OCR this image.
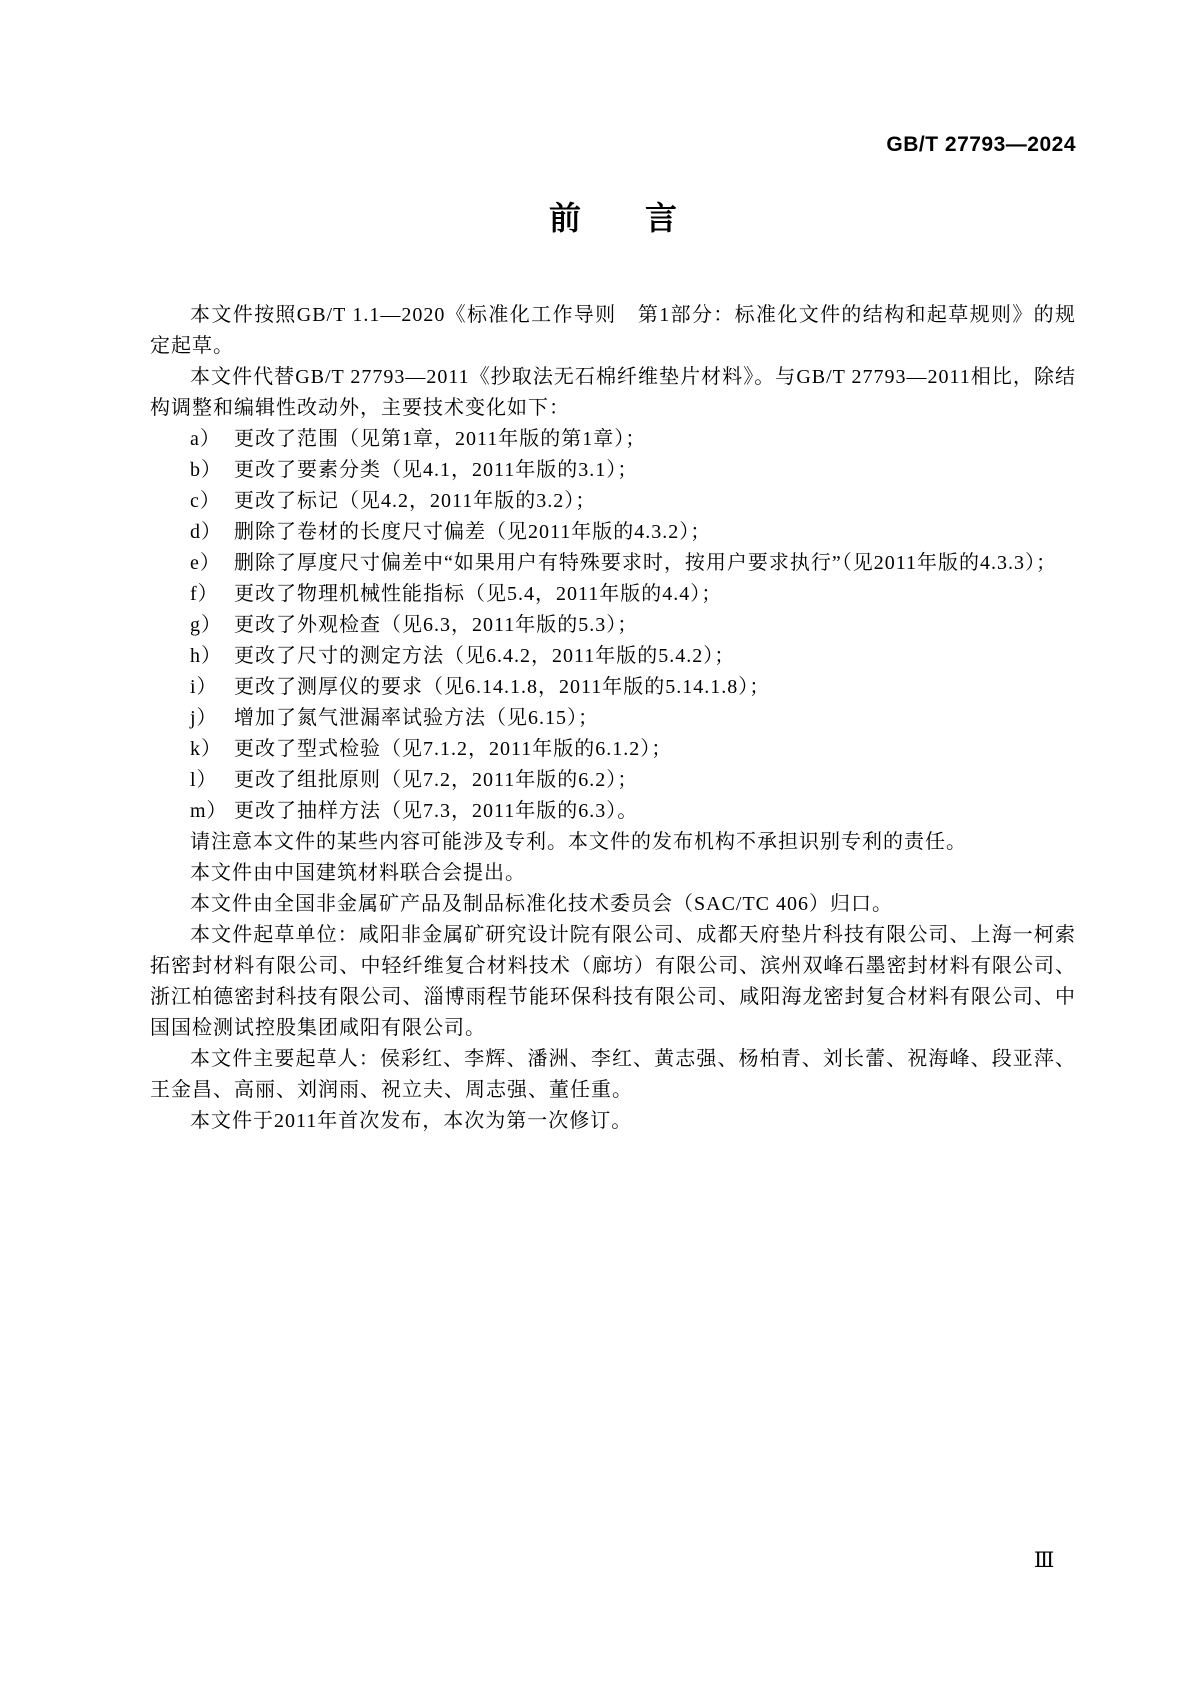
GB/T 27793—2024
前　　言

本文件按照GB/T 1.1—2020《标准化工作导则　第1部分：标准化文件的结构和起草规则》的规定起草。

本文件代替GB/T 27793—2011《抄取法无石棉纤维垫片材料》。与GB/T 27793—2011相比，除结构调整和编辑性改动外，主要技术变化如下：

a） 更改了范围（见第1章，2011年版的第1章）；
b） 更改了要素分类（见4.1，2011年版的3.1）；
c） 更改了标记（见4.2，2011年版的3.2）；
d） 删除了卷材的长度尺寸偏差（见2011年版的4.3.2）；
e） 删除了厚度尺寸偏差中“如果用户有特殊要求时，按用户要求执行”（见2011年版的4.3.3）；
f） 更改了物理机械性能指标（见5.4，2011年版的4.4）；
g） 更改了外观检查（见6.3，2011年版的5.3）；
h） 更改了尺寸的测定方法（见6.4.2，2011年版的5.4.2）；
i） 更改了测厚仪的要求（见6.14.1.8，2011年版的5.14.1.8）；
j） 增加了氮气泄漏率试验方法（见6.15）；
k） 更改了型式检验（见7.1.2，2011年版的6.1.2）；
l） 更改了组批原则（见7.2，2011年版的6.2）；
m） 更改了抽样方法（见7.3，2011年版的6.3）。

请注意本文件的某些内容可能涉及专利。本文件的发布机构不承担识别专利的责任。

本文件由中国建筑材料联合会提出。

本文件由全国非金属矿产品及制品标准化技术委员会（SAC/TC 406）归口。

本文件起草单位：咸阳非金属矿研究设计院有限公司、成都天府垫片科技有限公司、上海一柯索拓密封材料有限公司、中轻纤维复合材料技术（廊坊）有限公司、滨州双峰石墨密封材料有限公司、浙江柏德密封科技有限公司、淄博雨程节能环保科技有限公司、咸阳海龙密封复合材料有限公司、中国国检测试控股集团咸阳有限公司。

本文件主要起草人：侯彩红、李辉、潘洲、李红、黄志强、杨柏青、刘长蕾、祝海峰、段亚萍、王金昌、高丽、刘润雨、祝立夫、周志强、董任重。

本文件于2011年首次发布，本次为第一次修订。

Ⅲ
